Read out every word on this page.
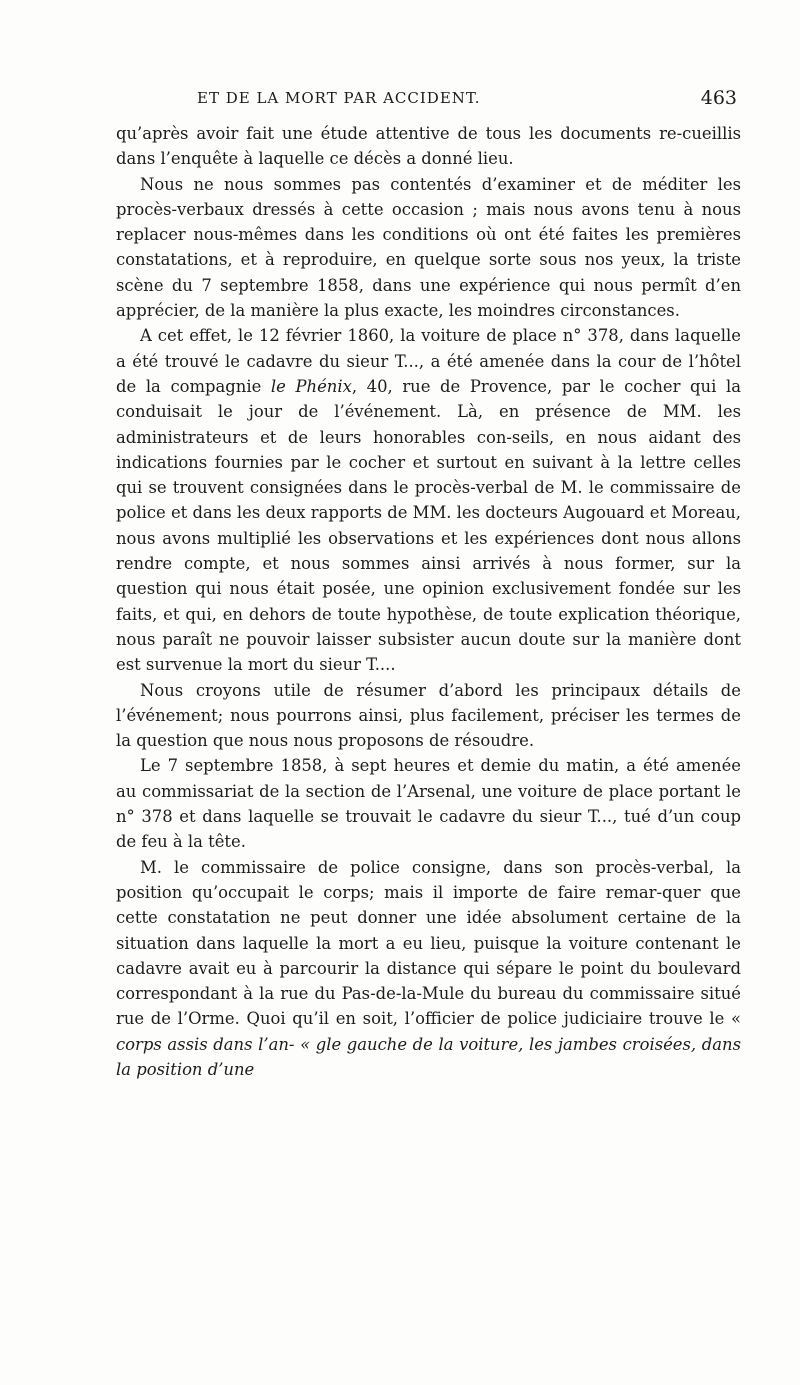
ET DE LA MORT PAR ACCIDENT.	463

qu’après avoir fait une étude attentive de tous les documents re-cueillis dans l’enquête à laquelle ce décès a donné lieu.

Nous ne nous sommes pas contentés d’examiner et de méditer les procès-verbaux dressés à cette occasion ; mais nous avons tenu à nous replacer nous-mêmes dans les conditions où ont été faites les premières constatations, et à reproduire, en quelque sorte sous nos yeux, la triste scène du 7 septembre 1858, dans une expérience qui nous permît d’en apprécier, de la manière la plus exacte, les moindres circonstances.

A cet effet, le 12 février 1860, la voiture de place n° 378, dans laquelle a été trouvé le cadavre du sieur T..., a été amenée dans la cour de l’hôtel de la compagnie le Phénix, 40, rue de Provence, par le cocher qui la conduisait le jour de l’événement. Là, en présence de MM. les administrateurs et de leurs honorables con-seils, en nous aidant des indications fournies par le cocher et surtout en suivant à la lettre celles qui se trouvent consignées dans le procès-verbal de M. le commissaire de police et dans les deux rapports de MM. les docteurs Augouard et Moreau, nous avons multiplié les observations et les expériences dont nous allons rendre compte, et nous sommes ainsi arrivés à nous former, sur la question qui nous était posée, une opinion exclusivement fondée sur les faits, et qui, en dehors de toute hypothèse, de toute explication théorique, nous paraît ne pouvoir laisser subsister aucun doute sur la manière dont est survenue la mort du sieur T....

Nous croyons utile de résumer d’abord les principaux détails de l’événement; nous pourrons ainsi, plus facilement, préciser les termes de la question que nous nous proposons de résoudre.

Le 7 septembre 1858, à sept heures et demie du matin, a été amenée au commissariat de la section de l’Arsenal, une voiture de place portant le n° 378 et dans laquelle se trouvait le cadavre du sieur T..., tué d’un coup de feu à la tête.

M. le commissaire de police consigne, dans son procès-verbal, la position qu’occupait le corps; mais il importe de faire remar-quer que cette constatation ne peut donner une idée absolument certaine de la situation dans laquelle la mort a eu lieu, puisque la voiture contenant le cadavre avait eu à parcourir la distance qui sépare le point du boulevard correspondant à la rue du Pas-de-la-Mule du bureau du commissaire situé rue de l’Orme. Quoi qu’il en soit, l’officier de police judiciaire trouve le « corps assis dans l’an- « gle gauche de la voiture, les jambes croisées, dans la position d’une
